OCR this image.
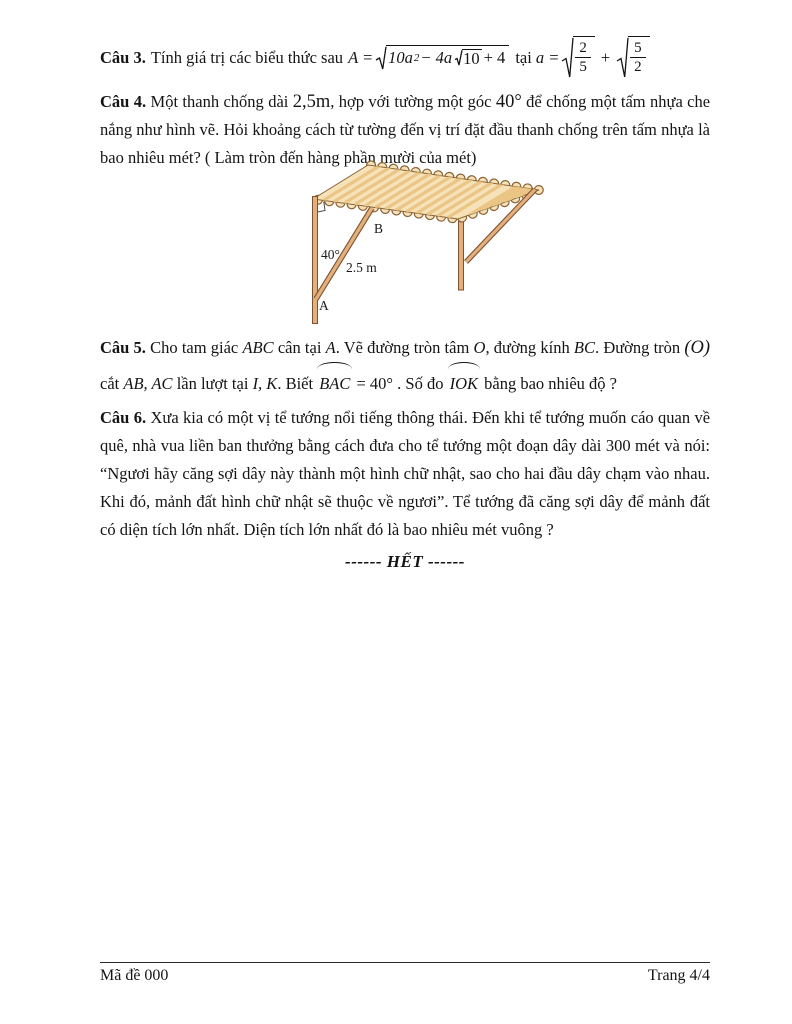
Câu 3. Tính giá trị các biểu thức sau A = 10a 2 − 4a 10 + 4 tại $a = \frac{2}{5} + \frac{5}{2}$

Câu 4. Một thanh chống dài 2,5m, hợp với tường một góc 40° để chống một tấm nhựa che nắng như hình vẽ. Hỏi khoảng cách từ tường đến vị trí đặt đầu thanh chống trên tấm nhựa là bao nhiêu mét? ( Làm tròn đến hàng phần mười của mét)

B
40°
2.5 m
A

Câu 5. Cho tam giác ABC cân tại A. Vẽ đường tròn tâm O, đường kính BC. Đường tròn (O) cắt AB, AC lần lượt tại I, K. Biết BAC = 40° . Số đo IOK bằng bao nhiêu độ ?

Câu 6. Xưa kia có một vị tể tướng nổi tiếng thông thái. Đến khi tể tướng muốn cáo quan về quê, nhà vua liền ban thưởng bằng cách đưa cho tể tướng một đoạn dây dài 300 mét và nói: “Ngươi hãy căng sợi dây này thành một hình chữ nhật, sao cho hai đầu dây chạm vào nhau. Khi đó, mảnh đất hình chữ nhật sẽ thuộc về ngươi”. Tể tướng đã căng sợi dây để mảnh đất có diện tích lớn nhất. Diện tích lớn nhất đó là bao nhiêu mét vuông ?

------ HẾT ------
Mã đề 000	Trang 4/4
